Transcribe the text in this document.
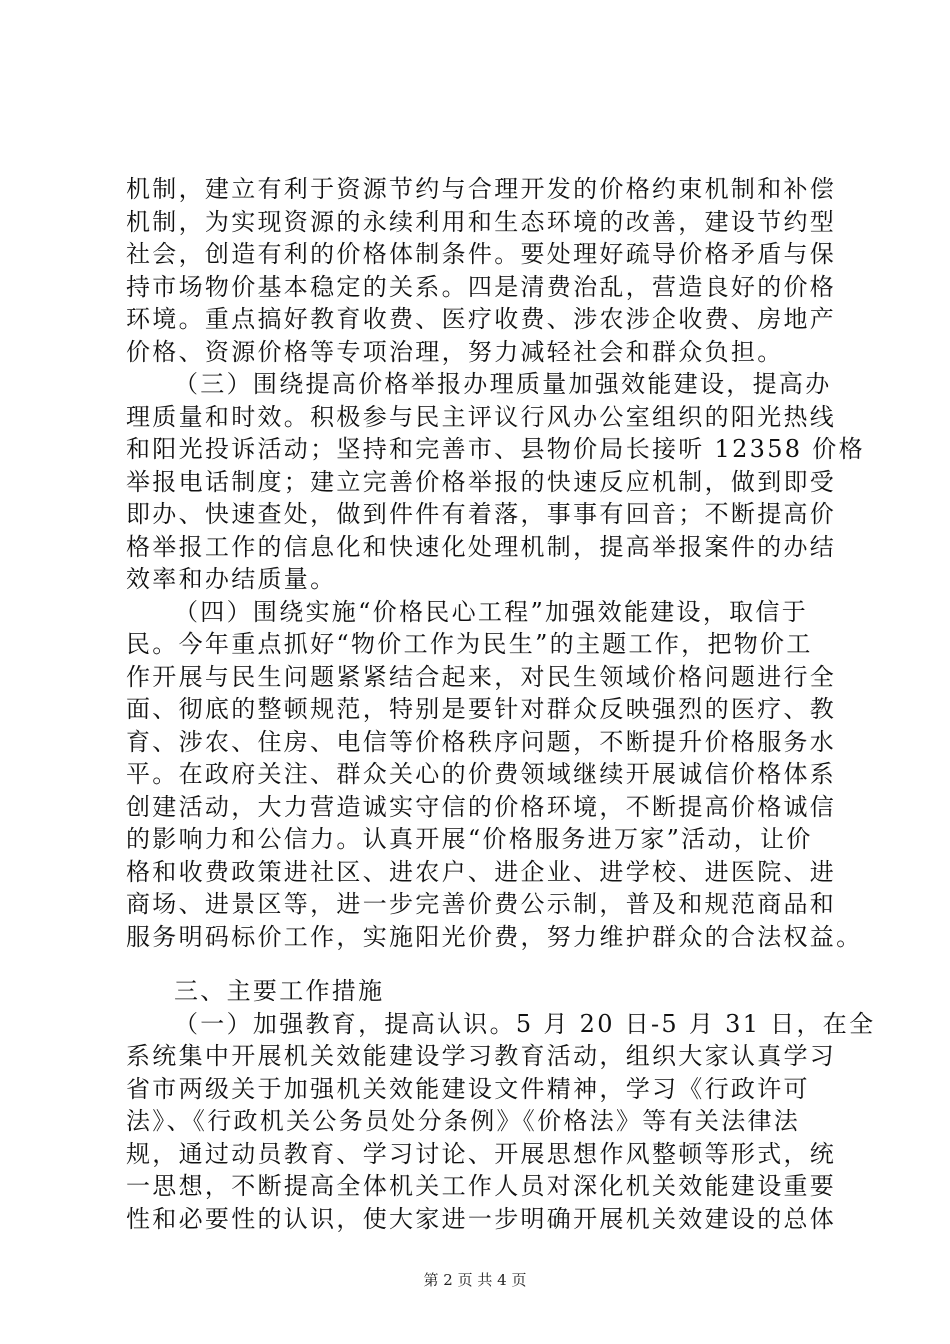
机制，建立有利于资源节约与合理开发的价格约束机制和补偿
机制，为实现资源的永续利用和生态环境的改善，建设节约型
社会，创造有利的价格体制条件。要处理好疏导价格矛盾与保
持市场物价基本稳定的关系。四是清费治乱，营造良好的价格
环境。重点搞好教育收费、医疗收费、涉农涉企收费、房地产
价格、资源价格等专项治理，努力减轻社会和群众负担。
（三）围绕提高价格举报办理质量加强效能建设，提高办
理质量和时效。积极参与民主评议行风办公室组织的阳光热线
和阳光投诉活动；坚持和完善市、县物价局长接听 12358 价格
举报电话制度；建立完善价格举报的快速反应机制，做到即受
即办、快速查处，做到件件有着落，事事有回音；不断提高价
格举报工作的信息化和快速化处理机制，提高举报案件的办结
效率和办结质量。
（四）围绕实施“价格民心工程”加强效能建设，取信于
民。今年重点抓好“物价工作为民生”的主题工作，把物价工
作开展与民生问题紧紧结合起来，对民生领域价格问题进行全
面、彻底的整顿规范，特别是要针对群众反映强烈的医疗、教
育、涉农、住房、电信等价格秩序问题，不断提升价格服务水
平。在政府关注、群众关心的价费领域继续开展诚信价格体系
创建活动，大力营造诚实守信的价格环境，不断提高价格诚信
的影响力和公信力。认真开展“价格服务进万家”活动，让价
格和收费政策进社区、进农户、进企业、进学校、进医院、进
商场、进景区等，进一步完善价费公示制，普及和规范商品和
服务明码标价工作，实施阳光价费，努力维护群众的合法权益。
三、主要工作措施
（一）加强教育，提高认识。5 月 20 日-5 月 31 日，在全
系统集中开展机关效能建设学习教育活动，组织大家认真学习
省市两级关于加强机关效能建设文件精神，学习《行政许可
法》、《行政机关公务员处分条例》《价格法》等有关法律法
规，通过动员教育、学习讨论、开展思想作风整顿等形式，统
一思想，不断提高全体机关工作人员对深化机关效能建设重要
性和必要性的认识，使大家进一步明确开展机关效建设的总体
第 2 页 共 4 页
